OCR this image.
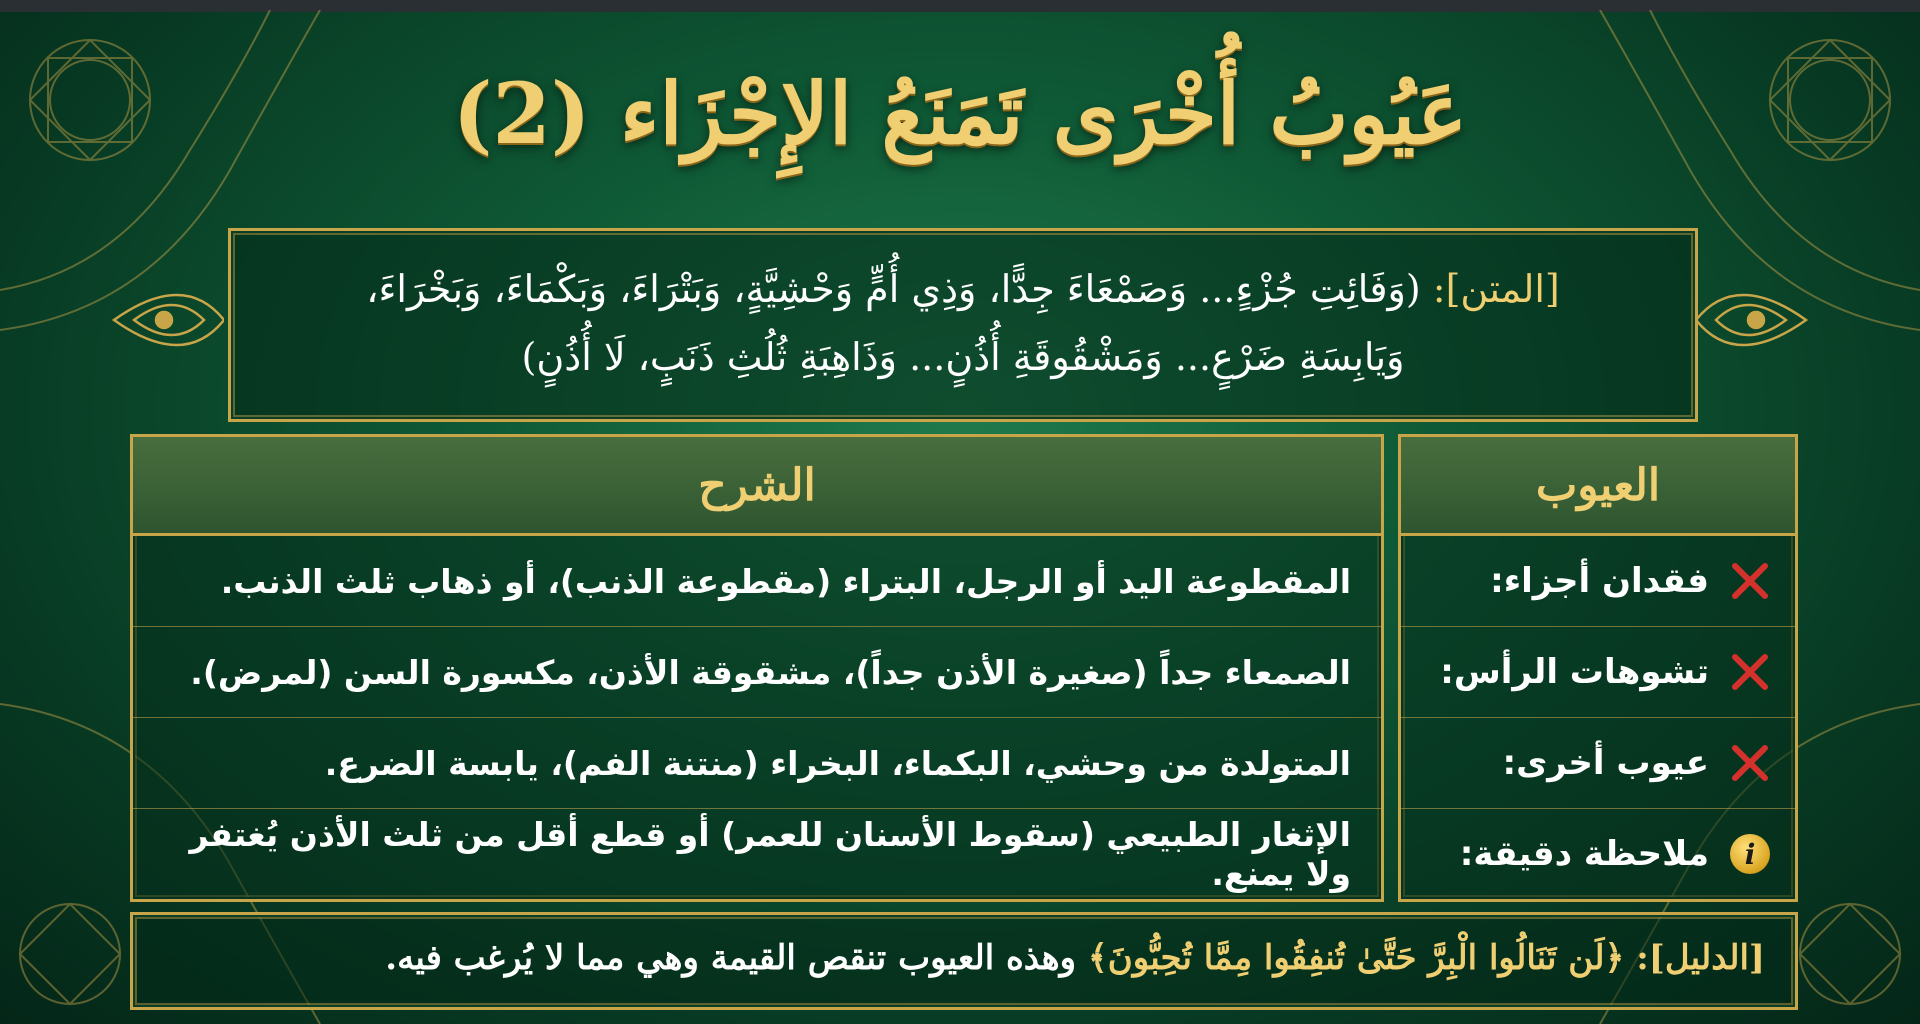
عَيُوبُ أُخْرَى تَمَنَعُ الإِجْزَاء (2)
[المتن]: (وَفَائِتِ جُزْءٍ... وَصَمْعَاءَ جِدًّا، وَذِي أُمٍّ وَحْشِيَّةٍ، وَبَتْرَاءَ، وَبَكْمَاءَ، وَبَخْرَاءَ،
وَيَابِسَةِ ضَرْعٍ... وَمَشْقُوقَةِ أُذُنٍ... وَذَاهِبَةِ ثُلُثِ ذَنَبٍ، لَا أُذُنٍ)
العيوب
فقدان أجزاء:
تشوهات الرأس:
عيوب أخرى:
i
ملاحظة دقيقة:
الشرح
المقطوعة اليد أو الرجل، البتراء (مقطوعة الذنب)، أو ذهاب ثلث الذنب.
الصمعاء جداً (صغيرة الأذن جداً)، مشقوقة الأذن، مكسورة السن (لمرض).
المتولدة من وحشي، البكماء، البخراء (منتنة الفم)، يابسة الضرع.
الإثغار الطبيعي (سقوط الأسنان للعمر) أو قطع أقل من ثلث الأذن يُغتفر ولا يمنع.
[الدليل]: ﴿لَن تَنَالُوا الْبِرَّ حَتَّىٰ تُنفِقُوا مِمَّا تُحِبُّونَ﴾ وهذه العيوب تنقص القيمة وهي مما لا يُرغب فيه.
